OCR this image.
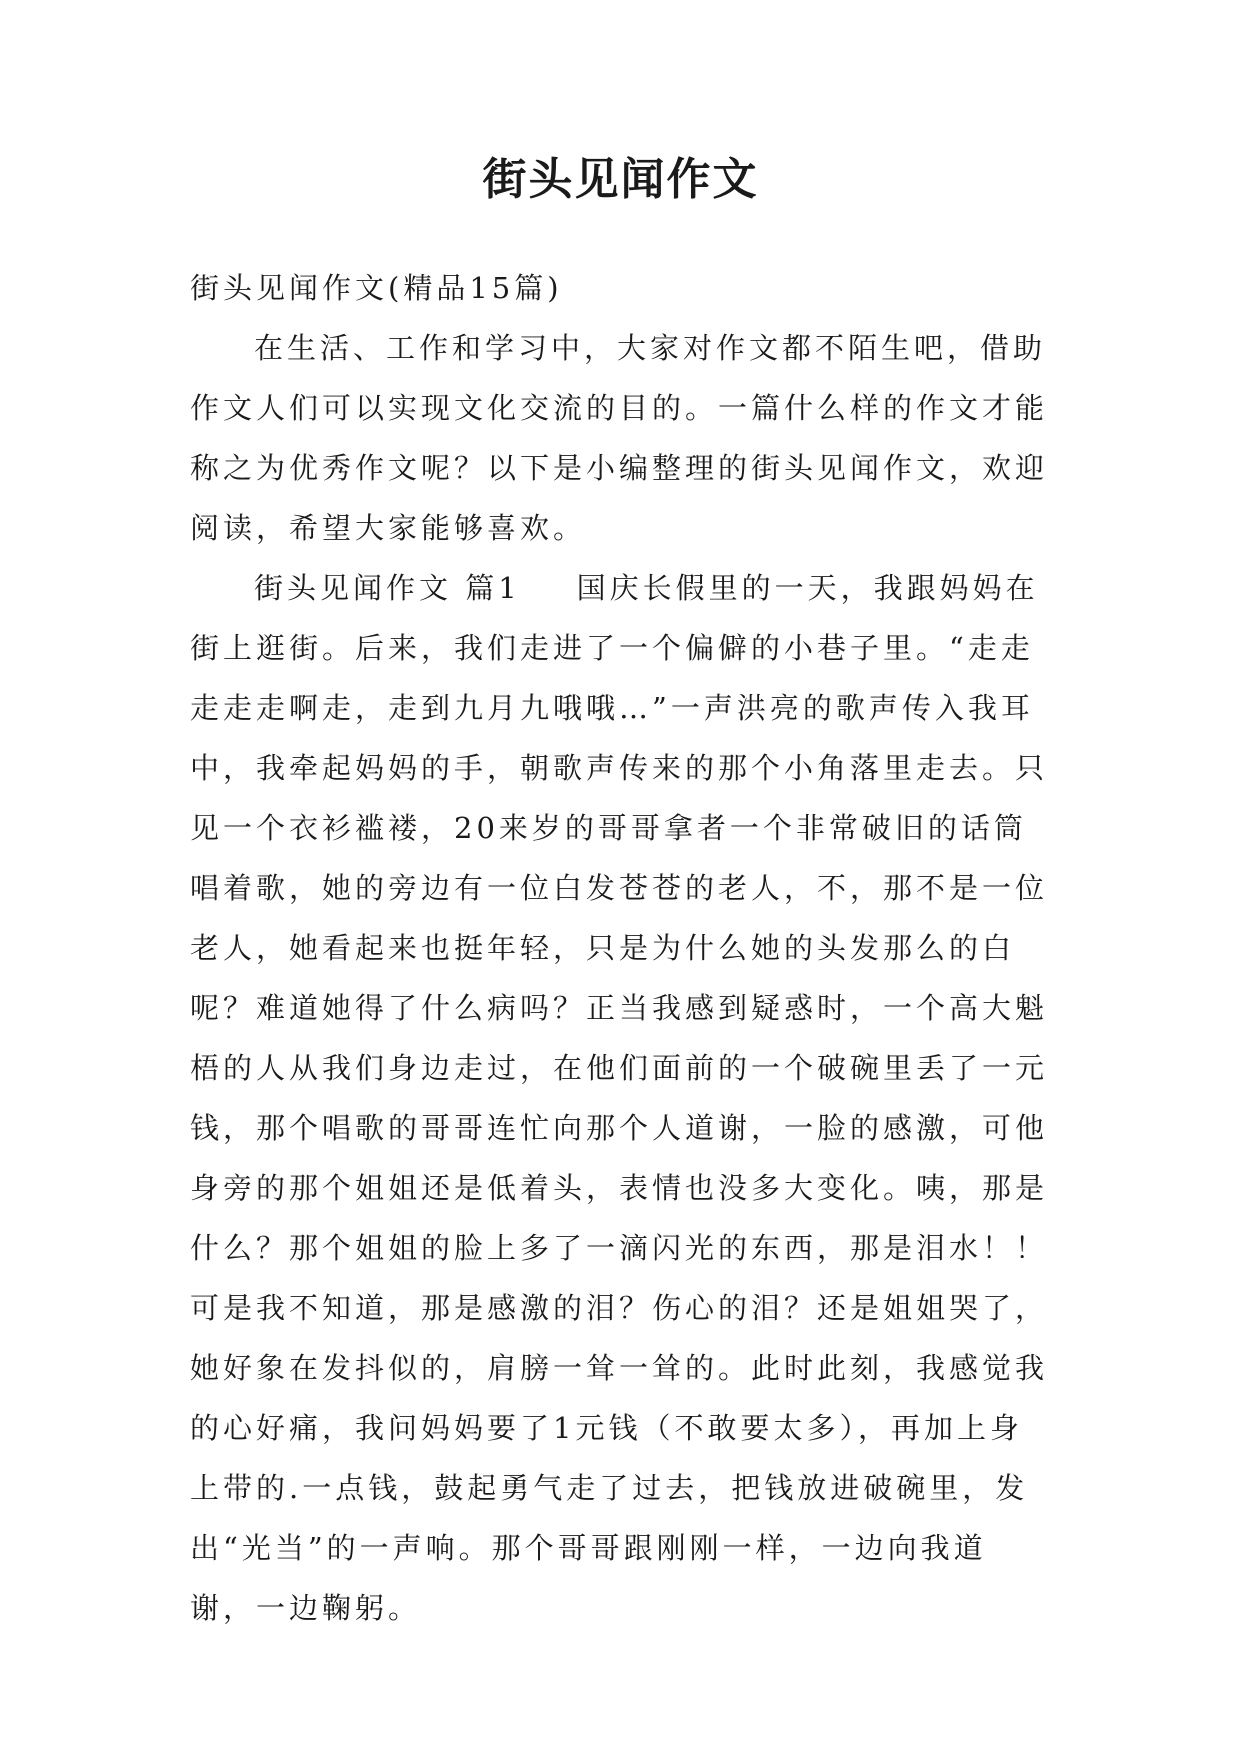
街头见闻作文

街头见闻作文(精品15篇)

在生活、工作和学习中，大家对作文都不陌生吧，借助作文人们可以实现文化交流的目的。一篇什么样的作文才能称之为优秀作文呢？以下是小编整理的街头见闻作文，欢迎阅读，希望大家能够喜欢。

街头见闻作文 篇1 国庆长假里的一天，我跟妈妈在街上逛街。后来，我们走进了一个偏僻的小巷子里。“走走走走走啊走，走到九月九哦哦…”一声洪亮的歌声传入我耳中，我牵起妈妈的手，朝歌声传来的那个小角落里走去。只见一个衣衫褴褛，20来岁的哥哥拿者一个非常破旧的话筒唱着歌，她的旁边有一位白发苍苍的老人，不，那不是一位老人，她看起来也挺年轻，只是为什么她的头发那么的白呢？难道她得了什么病吗？正当我感到疑惑时，一个高大魁梧的人从我们身边走过，在他们面前的一个破碗里丢了一元钱，那个唱歌的哥哥连忙向那个人道谢，一脸的感激，可他身旁的那个姐姐还是低着头，表情也没多大变化。咦，那是什么？那个姐姐的脸上多了一滴闪光的东西，那是泪水！！可是我不知道，那是感激的泪？伤心的泪？还是姐姐哭了，她好象在发抖似的，肩膀一耸一耸的。此时此刻，我感觉我的心好痛，我问妈妈要了1元钱（不敢要太多），再加上身上带的.一点钱，鼓起勇气走了过去，把钱放进破碗里，发出“光当”的一声响。那个哥哥跟刚刚一样，一边向我道谢，一边鞠躬。
